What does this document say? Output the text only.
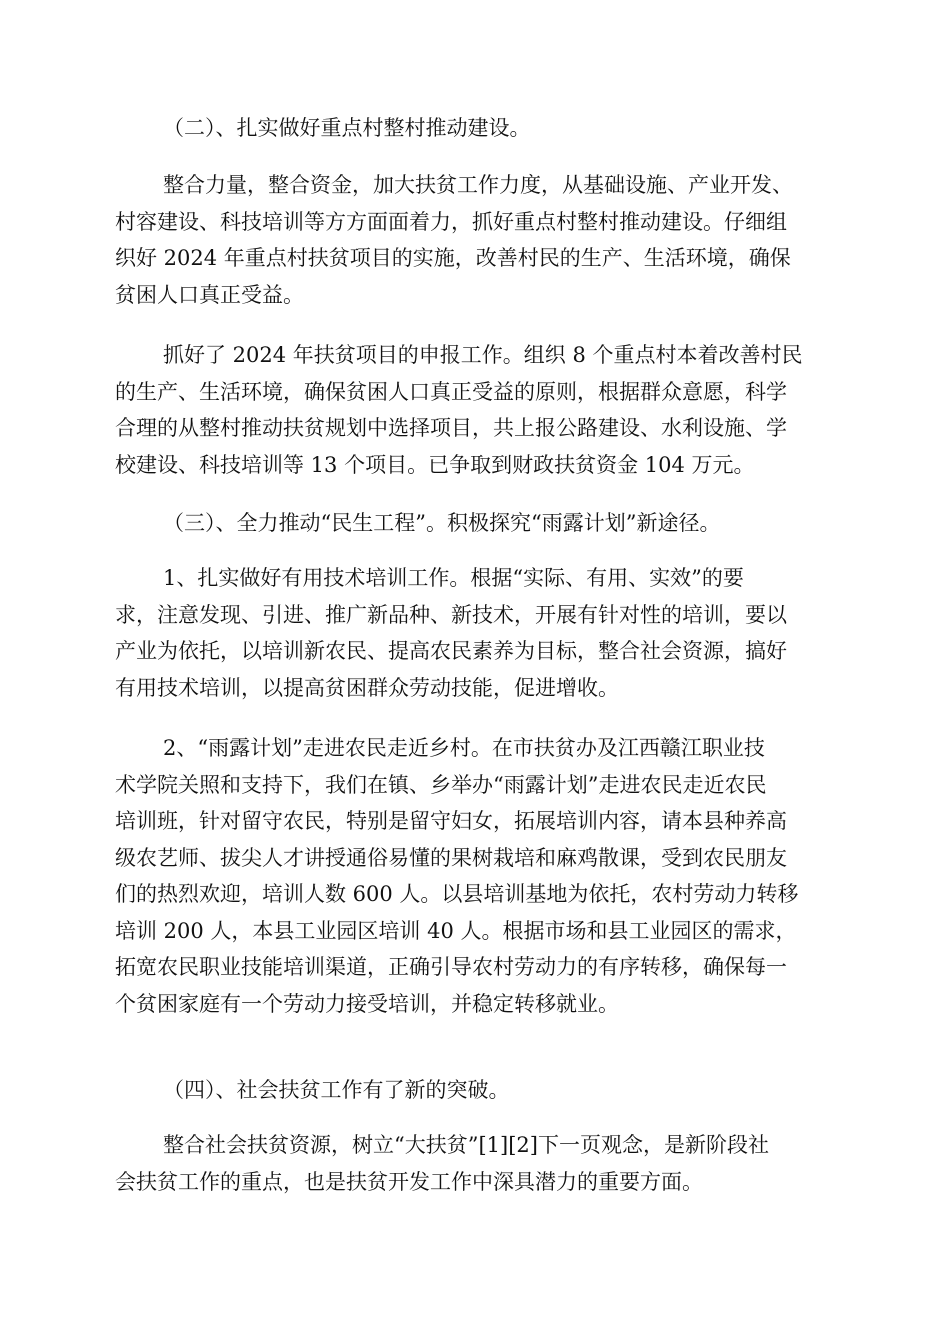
（二）、扎实做好重点村整村推动建设。

整合力量，整合资金，加大扶贫工作力度，从基础设施、产业开发、
村容建设、科技培训等方方面面着力，抓好重点村整村推动建设。仔细组
织好 2024 年重点村扶贫项目的实施，改善村民的生产、生活环境，确保
贫困人口真正受益。

抓好了 2024 年扶贫项目的申报工作。组织 8 个重点村本着改善村民
的生产、生活环境，确保贫困人口真正受益的原则，根据群众意愿，科学
合理的从整村推动扶贫规划中选择项目，共上报公路建设、水利设施、学
校建设、科技培训等 13 个项目。已争取到财政扶贫资金 104 万元。

（三）、全力推动“民生工程”。积极探究“雨露计划”新途径。

1、扎实做好有用技术培训工作。根据“实际、有用、实效”的要
求，注意发现、引进、推广新品种、新技术，开展有针对性的培训，要以
产业为依托，以培训新农民、提高农民素养为目标，整合社会资源，搞好
有用技术培训，以提高贫困群众劳动技能，促进增收。

2、“雨露计划”走进农民走近乡村。在市扶贫办及江西赣江职业技
术学院关照和支持下，我们在镇、乡举办“雨露计划”走进农民走近农民
培训班，针对留守农民，特别是留守妇女，拓展培训内容，请本县种养高
级农艺师、拔尖人才讲授通俗易懂的果树栽培和麻鸡散课，受到农民朋友
们的热烈欢迎，培训人数 600 人。以县培训基地为依托，农村劳动力转移
培训 200 人，本县工业园区培训 40 人。根据市场和县工业园区的需求，
拓宽农民职业技能培训渠道，正确引导农村劳动力的有序转移，确保每一
个贫困家庭有一个劳动力接受培训，并稳定转移就业。

（四）、社会扶贫工作有了新的突破。

整合社会扶贫资源，树立“大扶贫”[1][2]下一页观念，是新阶段社
会扶贫工作的重点，也是扶贫开发工作中深具潜力的重要方面。
